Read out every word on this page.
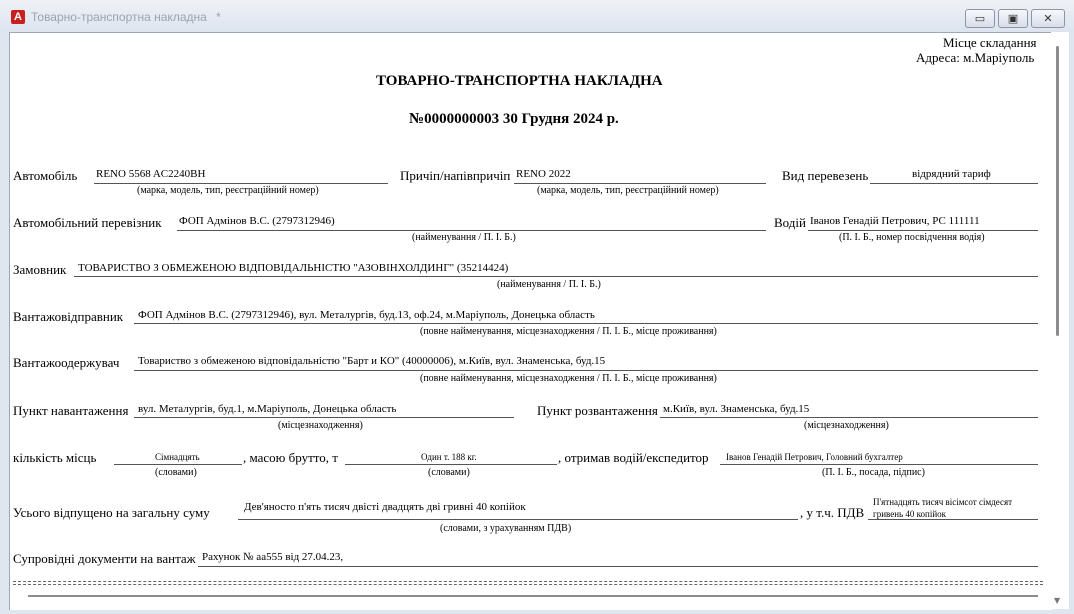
A Товарно-транспортна накладна *	▭	▣	✕
Місце складання
Адреса: м.Маріуполь
ТОВАРНО-ТРАНСПОРТНА НАКЛАДНА
№0000000003 30 Грудня 2024 р.
Автомобіль RENO 5568 AC2240BH
(марка, модель, тип, реєстраційний номер)
Причіп/напівпричіп RENO 2022
(марка, модель, тип, реєстраційний номер)
Вид перевезень	відрядний тариф
Автомобільний перевізник ФОП Адмінов В.С. (2797312946)
(найменування / П. І. Б.)
Водій Іванов Генадій Петрович, РС 111111
(П. І. Б., номер посвідчення водія)
Замовник ТОВАРИСТВО З ОБМЕЖЕНОЮ ВІДПОВІДАЛЬНІСТЮ "АЗОВІНХОЛДИНГ" (35214424)
(найменування / П. І. Б.)
Вантажовідправник ФОП Адмінов В.С. (2797312946), вул. Металургів, буд.13, оф.24, м.Маріуполь, Донецька область
(повне найменування, місцезнаходження / П. І. Б., місце проживання)
Вантажоодержувач Товариство з обмеженою відповідальністю "Барт и КО" (40000006), м.Київ, вул. Знаменська, буд.15
(повне найменування, місцезнаходження / П. І. Б., місце проживання)
Пункт навантаження вул. Металургів, буд.1, м.Маріуполь, Донецька область
(місцезнаходження)
Пункт розвантаження м.Київ, вул. Знаменська, буд.15
(місцезнаходження)
кількість місць	Сімнадцять
(словами)
, масою брутто, т	Один т. 188 кг.
(словами)
, отримав водій/експедитор Іванов Генадій Петрович, Головний бухгалтер
(П. І. Б., посада, підпис)
Усього відпущено на загальну суму	Дев'яносто п'ять тисяч двісті двадцять дві гривні 40 копійок
(словами, з урахуванням ПДВ)
, у т.ч. ПДВ
П'ятнадцять тисяч вісімсот сімдесят
гривень 40 копійок
Супровідні документи на вантаж Рахунок № аа555 від 27.04.23,
▼
